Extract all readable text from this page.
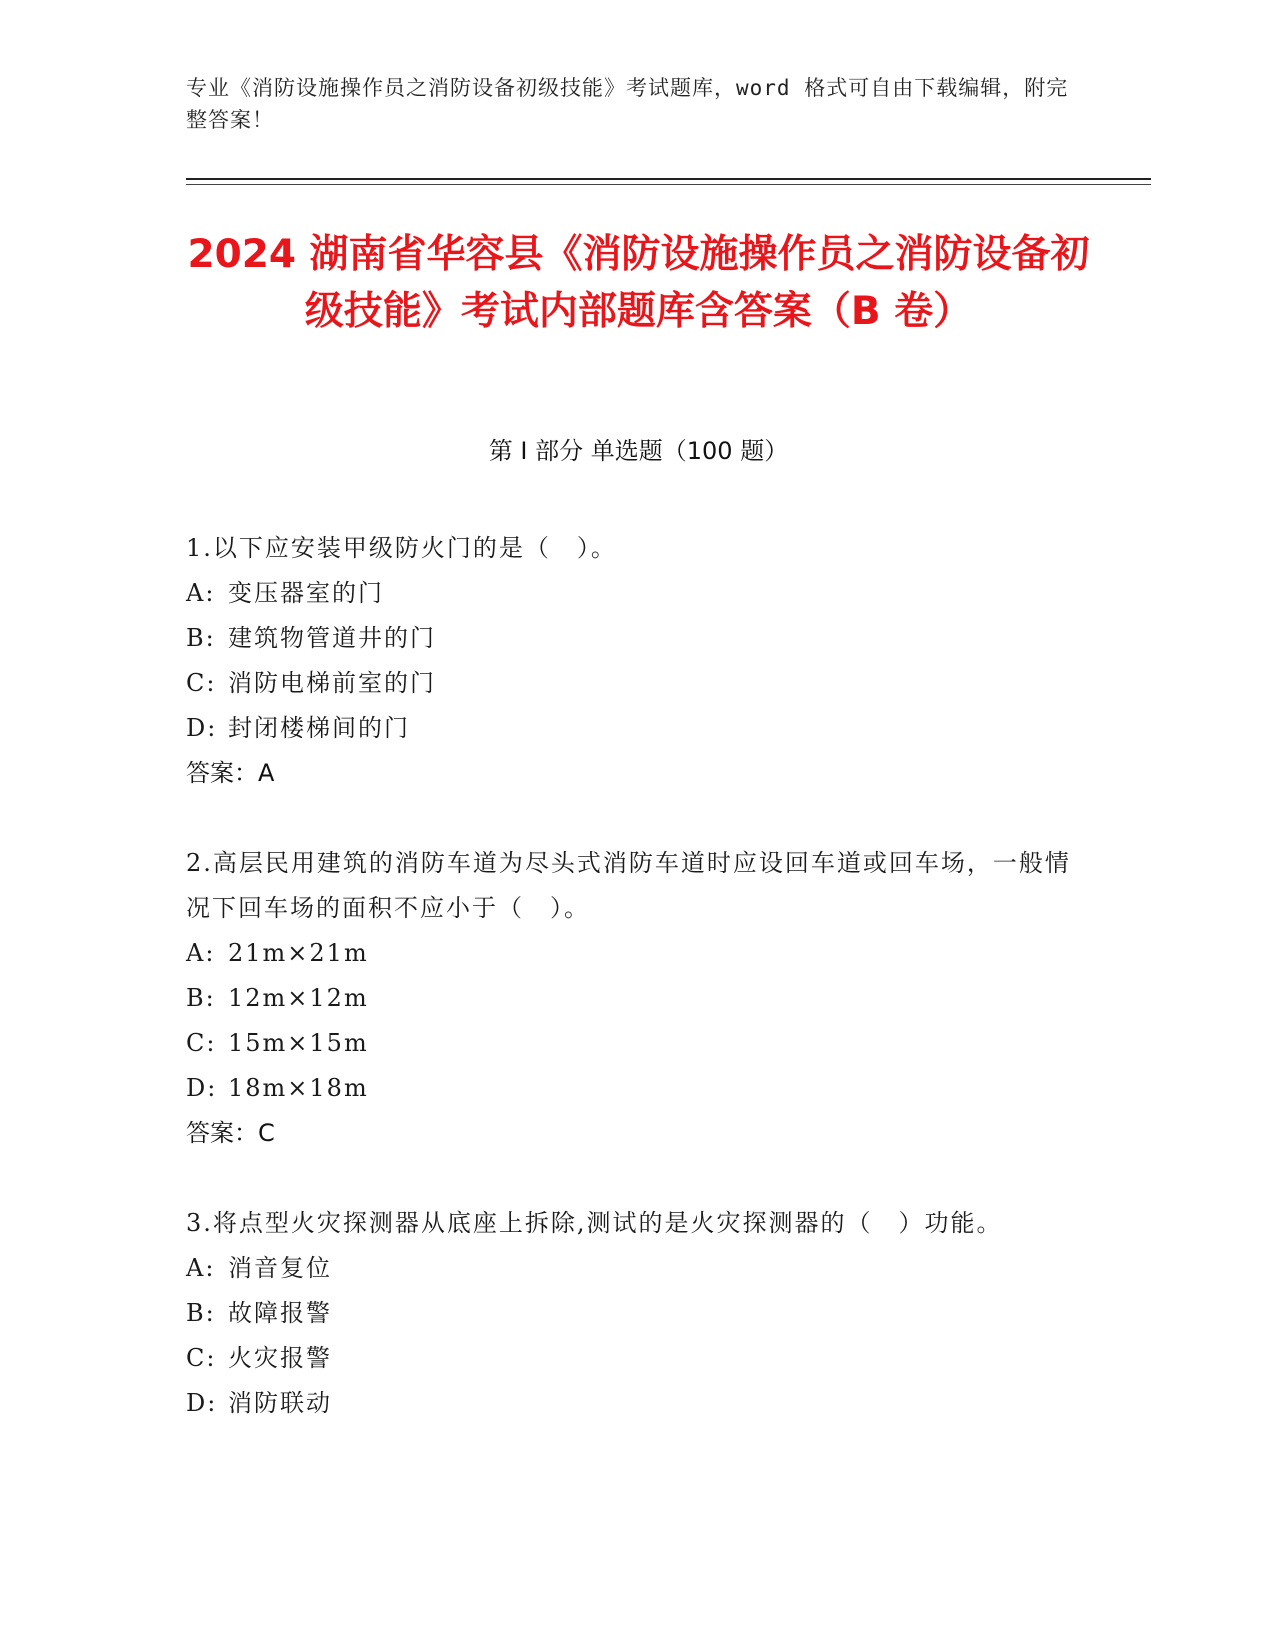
专业《消防设施操作员之消防设备初级技能》考试题库，word 格式可自由下载编辑，附完整答案！
2024 湖南省华容县《消防设施操作员之消防设备初级技能》考试内部题库含答案（B 卷）
第 I 部分 单选题（100 题）

1.以下应安装甲级防火门的是（　）。

A: 变压器室的门

B: 建筑物管道井的门

C: 消防电梯前室的门

D: 封闭楼梯间的门

答案：A

2.高层民用建筑的消防车道为尽头式消防车道时应设回车道或回车场，一般情况下回车场的面积不应小于（　）。

A: 21m×21m

B: 12m×12m

C: 15m×15m

D: 18m×18m

答案：C

3.将点型火灾探测器从底座上拆除,测试的是火灾探测器的（　）功能。

A: 消音复位

B: 故障报警

C: 火灾报警

D: 消防联动
